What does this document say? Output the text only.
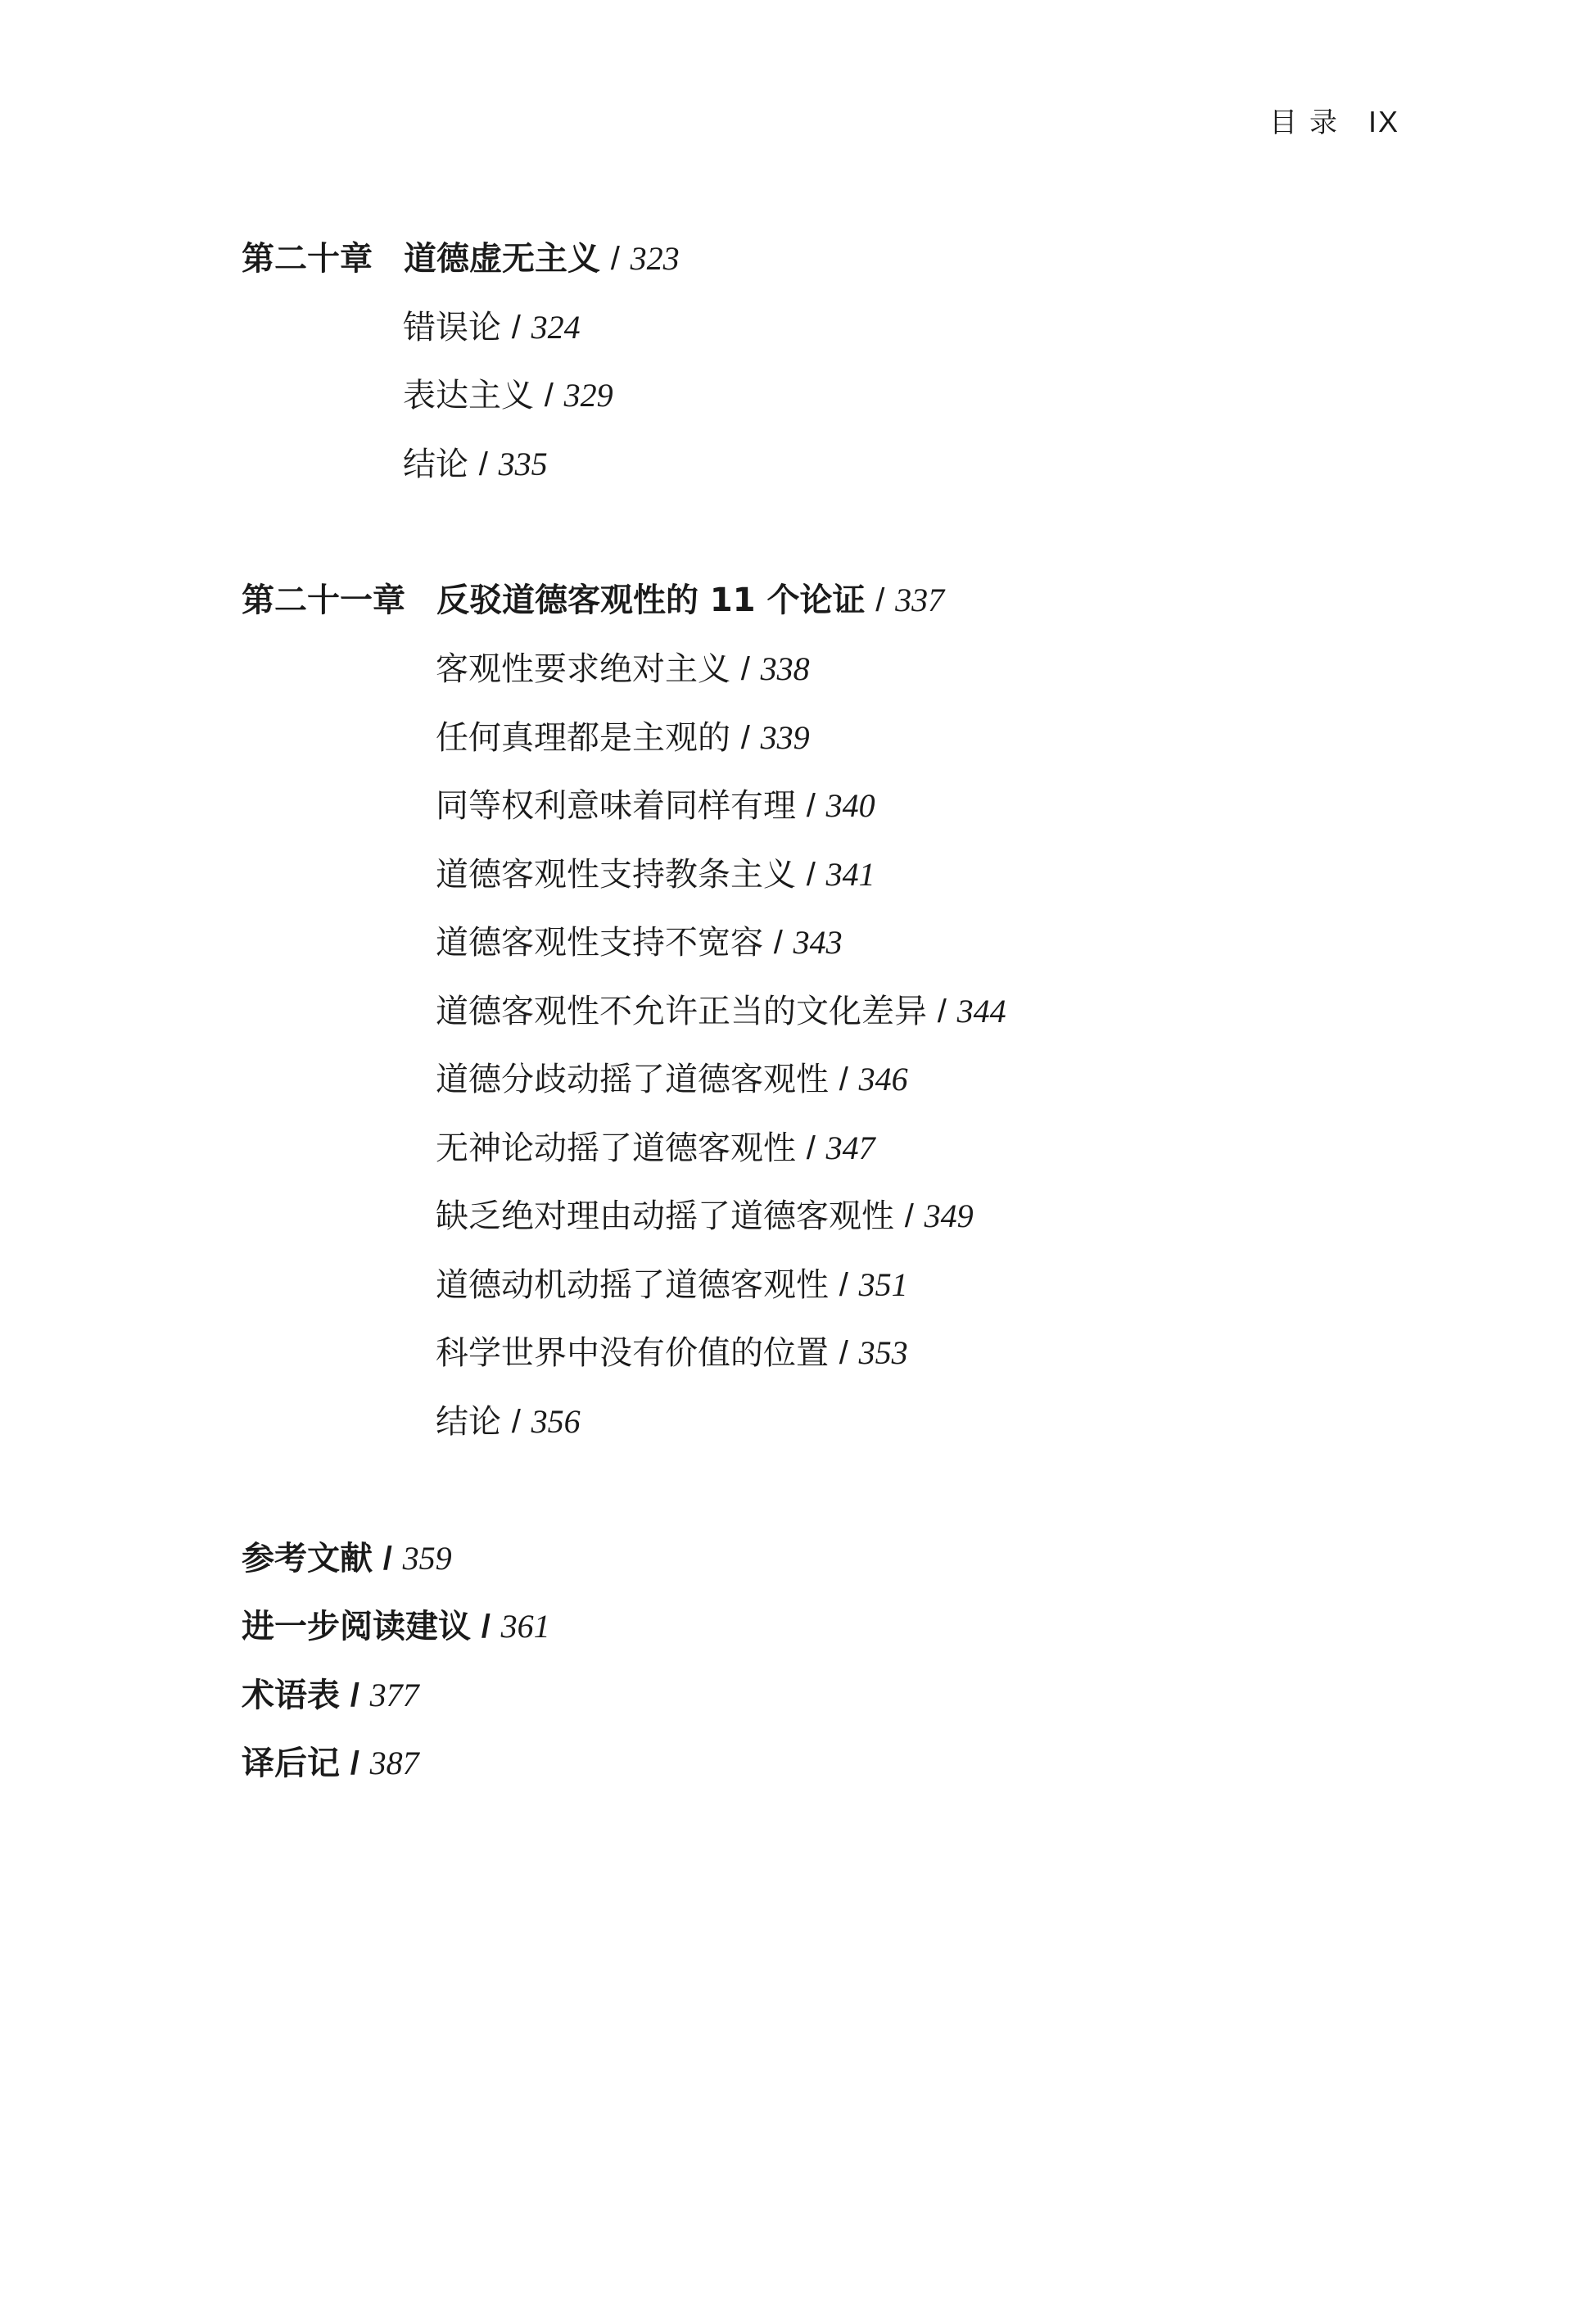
目 录 IX
第二十章 道德虚无主义 / 323
错误论 / 324
表达主义 / 329
结论 / 335
第二十一章 反驳道德客观性的 11 个论证 / 337
客观性要求绝对主义 / 338
任何真理都是主观的 / 339
同等权利意味着同样有理 / 340
道德客观性支持教条主义 / 341
道德客观性支持不宽容 / 343
道德客观性不允许正当的文化差异 / 344
道德分歧动摇了道德客观性 / 346
无神论动摇了道德客观性 / 347
缺乏绝对理由动摇了道德客观性 / 349
道德动机动摇了道德客观性 / 351
科学世界中没有价值的位置 / 353
结论 / 356
参考文献 / 359
进一步阅读建议 / 361
术语表 / 377
译后记 / 387
